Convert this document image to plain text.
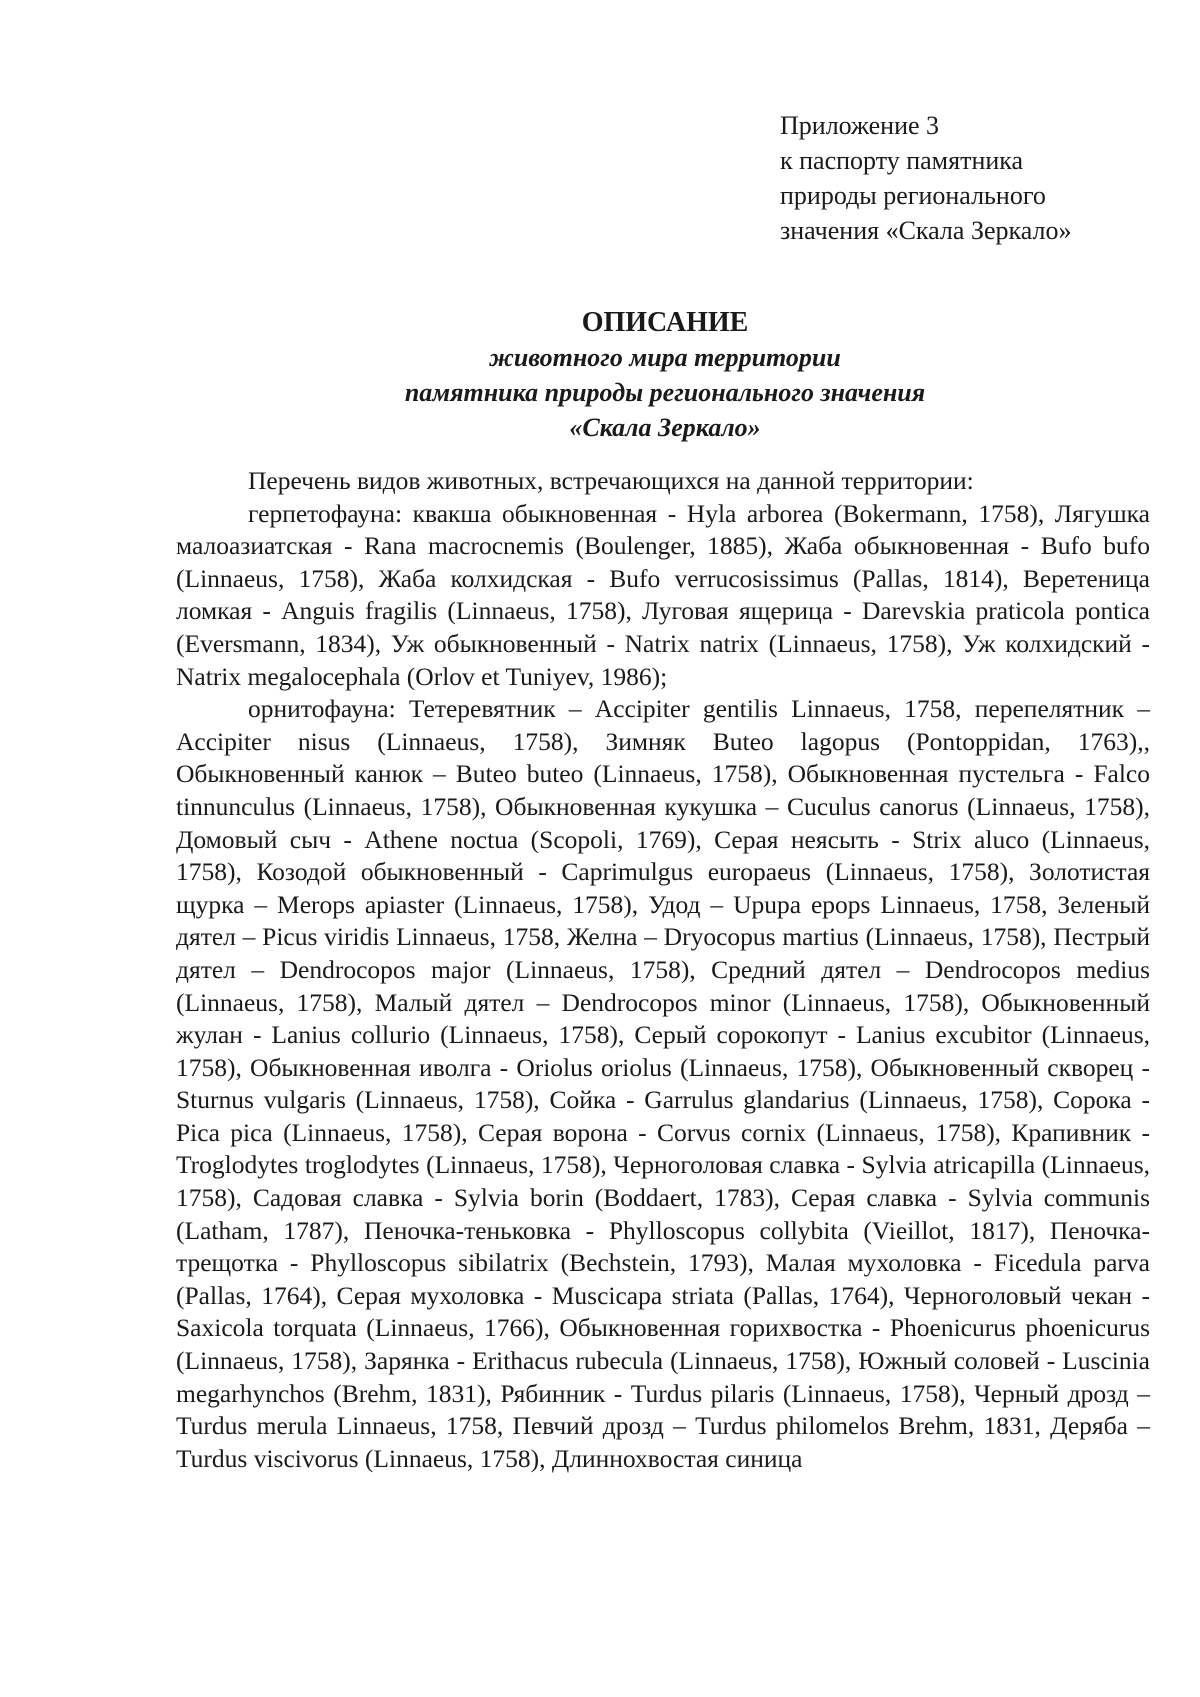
Приложение 3
к паспорту памятника
природы регионального
значения «Скала Зеркало»
ОПИСАНИЕ
животного мира территории
памятника природы регионального значения
«Скала Зеркало»

Перечень видов животных, встречающихся на данной территории:

герпетофауна: квакша обыкновенная - Hyla arborea (Bokermann, 1758), Лягушка малоазиатская - Rana macrocnemis (Boulenger, 1885), Жаба обыкновенная - Bufo bufo (Linnaeus, 1758), Жаба колхидская - Bufo verrucosissimus (Pallas, 1814), Веретеница ломкая - Anguis fragilis (Linnaeus, 1758), Луговая ящерица - Darevskia praticola pontica (Eversmann, 1834), Уж обыкновенный - Natrix natrix (Linnaeus, 1758), Уж колхидский - Natrix megalocephala (Orlov et Tuniyev, 1986);

орнитофауна: Тетеревятник – Accipiter gentilis Linnaeus, 1758, перепелятник – Accipiter nisus (Linnaeus, 1758), Зимняк Buteo lagopus (Pontoppidan, 1763),, Обыкновенный канюк – Buteo buteo (Linnaeus, 1758), Обыкновенная пустельга - Falco tinnunculus (Linnaeus, 1758), Обыкновенная кукушка – Cuculus canorus (Linnaeus, 1758), Домовый сыч - Athene noctua (Scopoli, 1769), Серая неясыть - Strix aluco (Linnaeus, 1758), Козодой обыкновенный - Caprimulgus europaeus (Linnaeus, 1758), Золотистая щурка – Merops apiaster (Linnaeus, 1758), Удод – Upupa epops Linnaeus, 1758, Зеленый дятел – Picus viridis Linnaeus, 1758, Желна – Dryocopus martius (Linnaeus, 1758), Пестрый дятел – Dendrocopos major (Linnaeus, 1758), Средний дятел – Dendrocopos medius (Linnaeus, 1758), Малый дятел – Dendrocopos minor (Linnaeus, 1758), Обыкновенный жулан - Lanius collurio (Linnaeus, 1758), Серый сорокопут - Lanius excubitor (Linnaeus, 1758), Обыкновенная иволга - Oriolus oriolus (Linnaeus, 1758), Обыкновенный скворец - Sturnus vulgaris (Linnaeus, 1758), Сойка - Garrulus glandarius (Linnaeus, 1758), Сорока - Pica pica (Linnaeus, 1758), Серая ворона - Corvus cornix (Linnaeus, 1758), Крапивник - Troglodytes troglodytes (Linnaeus, 1758), Черноголовая славка - Sylvia atricapilla (Linnaeus, 1758), Садовая славка - Sylvia borin (Boddaert, 1783), Серая славка - Sylvia communis (Latham, 1787), Пеночка-теньковка - Phylloscopus collybita (Vieillot, 1817), Пеночка-трещотка - Phylloscopus sibilatrix (Bechstein, 1793), Малая мухоловка - Ficedula parva (Pallas, 1764), Серая мухоловка - Muscicapa striata (Pallas, 1764), Черноголовый чекан - Saxicola torquata (Linnaeus, 1766), Обыкновенная горихвостка - Phoenicurus phoenicurus (Linnaeus, 1758), Зарянка - Erithacus rubecula (Linnaeus, 1758), Южный соловей - Luscinia megarhynchos (Brehm, 1831), Рябинник - Turdus pilaris (Linnaeus, 1758), Черный дрозд – Turdus merula Linnaeus, 1758, Певчий дрозд – Turdus philomelos Brehm, 1831, Деряба – Turdus viscivorus (Linnaeus, 1758), Длиннохвостая синица
